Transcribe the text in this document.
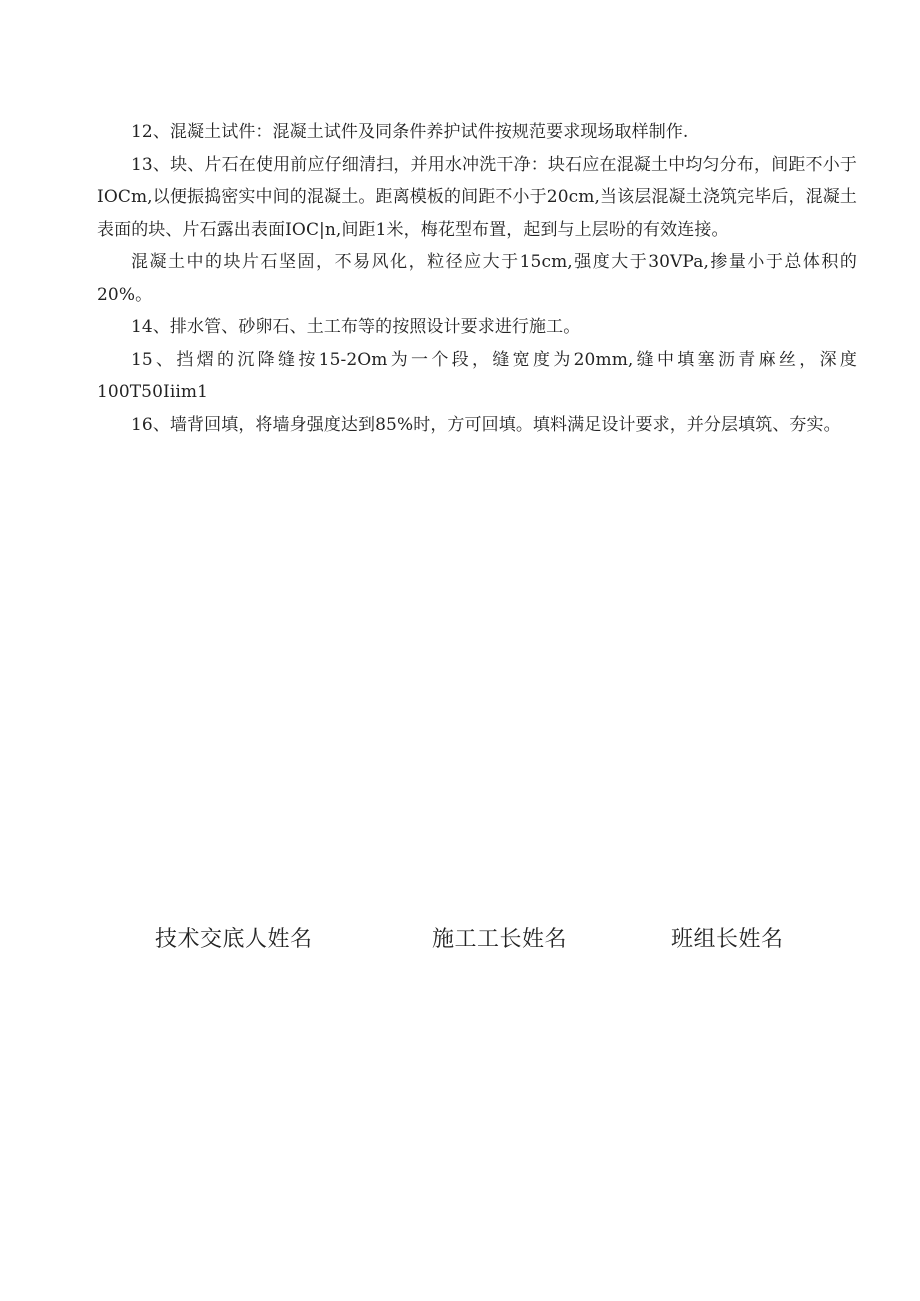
12、混凝土试件：混凝土试件及同条件养护试件按规范要求现场取样制作.

13、块、片石在使用前应仔细清扫，并用水冲洗干净：块石应在混凝土中均匀分布，间距不小于IOCm,以便振捣密实中间的混凝土。距离模板的间距不小于20cm,当该层混凝土浇筑完毕后，混凝土表面的块、片石露出表面IOC|n,间距1米，梅花型布置，起到与上层吩的有效连接。

混凝土中的块片石坚固，不易风化，粒径应大于15cm,强度大于30VPa,掺量小于总体积的20%。

14、排水管、砂卵石、土工布等的按照设计要求进行施工。

15、挡熠的沉降缝按15-2Om为一个段，缝宽度为20mm,缝中填塞沥青麻丝，深度100T50Iiim1

16、墙背回填，将墙身强度达到85%时，方可回填。填料满足设计要求，并分层填筑、夯实。

技术交底人姓名	施工工长姓名	班组长姓名
